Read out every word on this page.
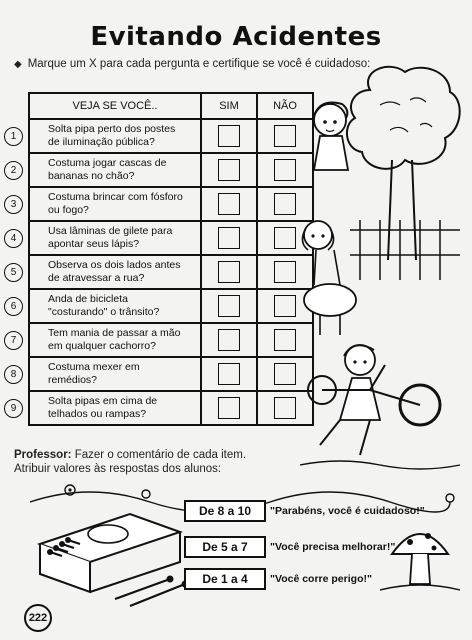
Evitando Acidentes
◆ Marque um X para cada pergunta e certifique se você é cuidadoso:
VEJA SE VOCÊ..	SIM	NÃO

1
Solta pipa perto dos postes
de iluminação pública?		

2
Costuma jogar cascas de
bananas no chão?		

3
Costuma brincar com fósforo
ou fogo?		

4
Usa lâminas de gilete para
apontar seus lápis?		

5
Observa os dois lados antes
de atravessar a rua?		

6
Anda de bicicleta
"costurando" o trânsito?		

7
Tem mania de passar a mão
em qualquer cachorro?		

8
Costuma mexer em
remédios?		

9
Solta pipas em cima de
telhados ou rampas?		
Professor: Fazer o comentário de cada item.
Atribuir valores às respostas dos alunos:
De 8 a 10	"Parabéns, você é cuidadoso!"
De 5 a 7	"Você precisa melhorar!"
De 1 a 4	"Você corre perigo!"
222
